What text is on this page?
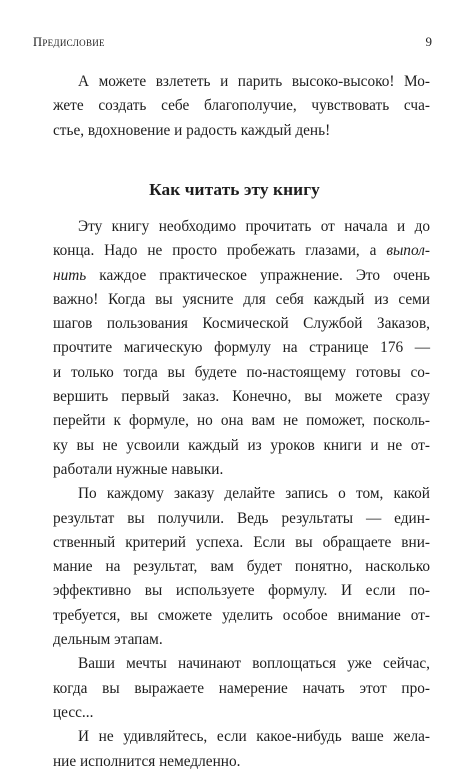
Предисловие	9
А можете взлететь и парить высоко-высоко! Мо-
жете создать себе благополучие, чувствовать сча-
стье, вдохновение и радость каждый день!
Как читать эту книгу
Эту книгу необходимо прочитать от начала и до
конца. Надо не просто пробежать глазами, а выпол-
нить каждое практическое упражнение. Это очень
важно! Когда вы уясните для себя каждый из семи
шагов пользования Космической Службой Заказов,
прочтите магическую формулу на странице 176 —
и только тогда вы будете по-настоящему готовы со-
вершить первый заказ. Конечно, вы можете сразу
перейти к формуле, но она вам не поможет, посколь-
ку вы не усвоили каждый из уроков книги и не от-
работали нужные навыки.
По каждому заказу делайте запись о том, какой
результат вы получили. Ведь результаты — един-
ственный критерий успеха. Если вы обращаете вни-
мание на результат, вам будет понятно, насколько
эффективно вы используете формулу. И если по-
требуется, вы сможете уделить особое внимание от-
дельным этапам.
Ваши мечты начинают воплощаться уже сейчас,
когда вы выражаете намерение начать этот про-
цесс...
И не удивляйтесь, если какое-нибудь ваше жела-
ние исполнится немедленно.
